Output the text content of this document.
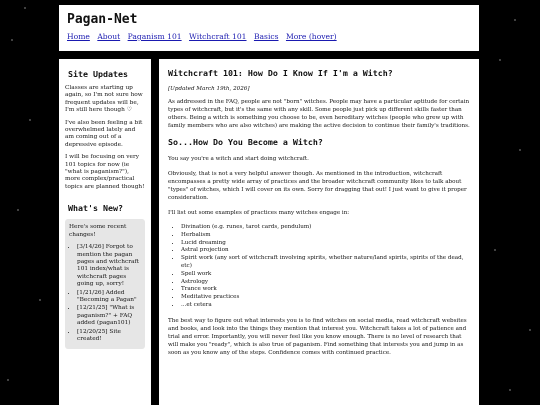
Pagan-Net
Home About Paganism 101 Witchcraft 101 Basics More (hover)
Site Updates

Classes are starting up again, so I'm not sure how frequent updates will be, I'm still here though ♡

I've also been feeling a bit overwhelmed lately and am coming out of a depressive episode.

I will be focusing on very 101 topics for now (ie "what is paganism?"), more complex/practical topics are planned though!

What's New?
Here's some recent changes!
• [3/14/26] Forgot to mention the pagan pages and witchcraft 101 index/what is witchcraft pages going up, sorry!
• [1/21/26] Added "Becoming a Pagan"
• [12/21/25] "What is paganism?" + FAQ added (pagan101)
• [12/20/25] Site created!
Witchcraft 101: How Do I Know If I'm a Witch?
[Updated March 19th, 2026]

As addressed in the FAQ, people are not "born" witches. People may have a particular aptitude for certain types of witchcraft, but it's the same with any skill. Some people just pick up different skills faster than others. Being a witch is something you choose to be, even hereditary witches (people who grew up with family members who are also witches) are making the active decision to continue their family's traditions.

So...How Do You Become a Witch?

You say you're a witch and start doing witchcraft.

Obviously, that is not a very helpful answer though. As mentioned in the introduction, witchcraft encompasses a pretty wide array of practices and the broader witchcraft community likes to talk about "types" of witches, which I will cover on its own. Sorry for dragging that out! I just want to give it proper consideration.

I'll list out some examples of practices many witches engage in:

• Divination (e.g. runes, tarot cards, pendulum)
• Herbalism
• Lucid dreaming
• Astral projection
• Spirit work (any sort of witchcraft involving spirits, whether nature/land spirits, spirits of the dead, etc)
• Spell work
• Astrology
• Trance work
• Meditative practices
• ...et cetera

The best way to figure out what interests you is to find witches on social media, read witchcraft websites and books, and look into the things they mention that interest you. Witchcraft takes a lot of patience and trial and error. Importantly, you will never feel like you know enough. There is no level of research that will make you "ready", which is also true of paganism. Find something that interests you and jump in as soon as you know any of the steps. Confidence comes with continued practice.
